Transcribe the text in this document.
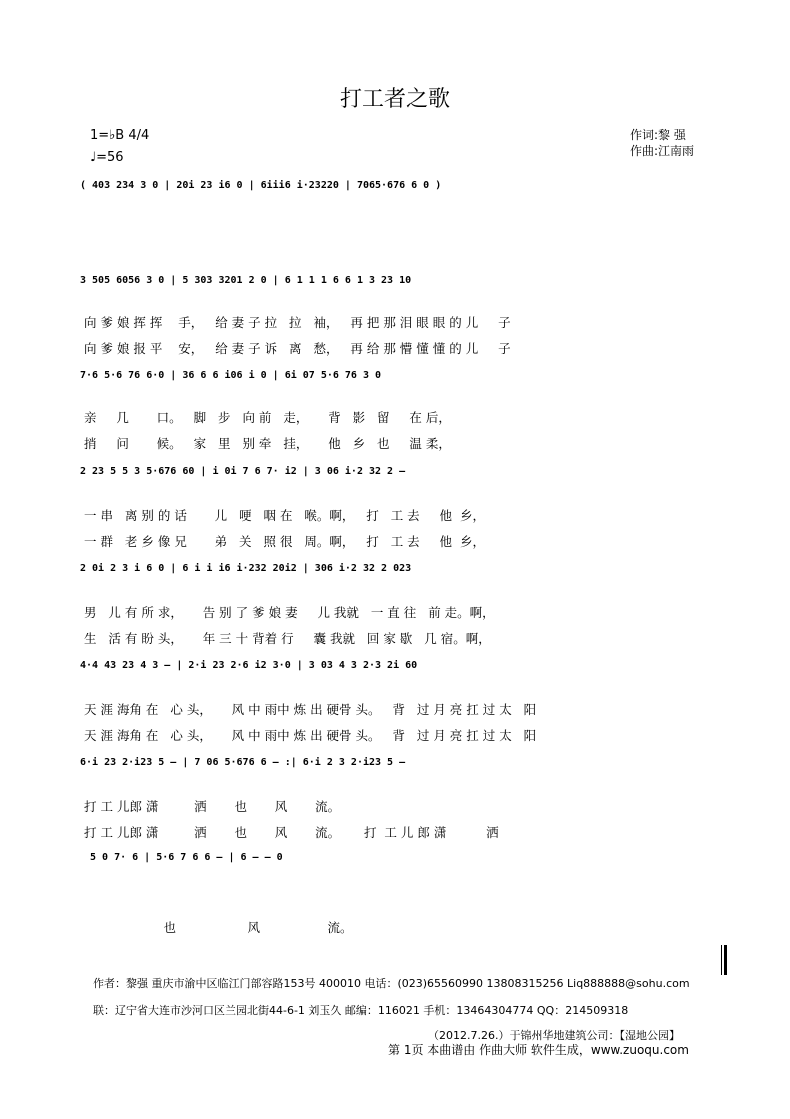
打工者之歌
1=♭B 4/4
♩=56
作词:黎 强
作曲:江南雨
( 403 234 3 0 | 20i 23 i6 0 | 6iii6 i·23220 | 7065·676 6 0 )
3 505 6056 3 0 | 5 303 3201 2 0 | 6 1 1 1 6 6 1 3 23 10
向 爹 娘 挥 挥    手，   给 妻 子 拉   拉   袖，   再 把 那 泪 眼 眼 的 儿     子
向 爹 娘 报 平    安，   给 妻 子 诉   离   愁，   再 给 那 懵 懂 懂 的 儿     子
7·6 5·6 76 6·0 | 36 6 6 i06 i 0 | 6i 07 5·6 76 3 0
亲     几       口。   脚   步   向 前   走，     背   影   留     在 后，
捎     问       候。   家   里   别 牵   挂，     他   乡   也     温 柔，
2 23 5 5 3 5·676 60 | i 0i 7 6 7· i2 | 3 06 i·2 32 2 –
一 串   离 别 的 话       儿   哽   咽 在   喉。啊，   打   工 去     他  乡，
一 群   老 乡 像 兄       弟   关   照 很   周。啊，   打   工 去     他  乡，
2 0i 2 3 i 6 0 | 6 i i i6 i·232 20i2 | 306 i·2 32 2 023
男   儿 有 所 求，     告 别 了 爹 娘 妻     儿 我就   一 直 往   前 走。啊，
生   活 有 盼 头，     年 三 十 背着 行     囊 我就   回 家 歇   几 宿。啊，
4·4 43 23 4 3 – | 2·i 23 2·6 i2 3·0 | 3 03 4 3 2·3 2i 60
天 涯 海角 在   心 头，     风 中 雨中 炼 出 硬骨 头。   背   过 月 亮 扛 过 太   阳
天 涯 海角 在   心 头，     风 中 雨中 炼 出 硬骨 头。   背   过 月 亮 扛 过 太   阳
6·i 23 2·i23 5 – | 7 06 5·676 6 – :| 6·i 2 3 2·i23 5 –
打 工 儿郎 潇         洒       也       风       流。
打 工 儿郎 潇         洒       也       风       流。      打  工 儿 郎 潇          洒
5 0 7· 6 | 5·6 7 6 6 – | 6 – – 0
也                  风                 流。
作者：黎强 重庆市渝中区临江门部容路153号 400010 电话：(023)65560990 13808315256 Liq888888@sohu.com
联：辽宁省大连市沙河口区兰园北街44-6-1 刘玉久 邮编：116021 手机：13464304774 QQ：214509318
（2012.7.26.）于锦州华地建筑公司：【湿地公园】
第 1页 本曲谱由 作曲大师 软件生成，www.zuoqu.com
